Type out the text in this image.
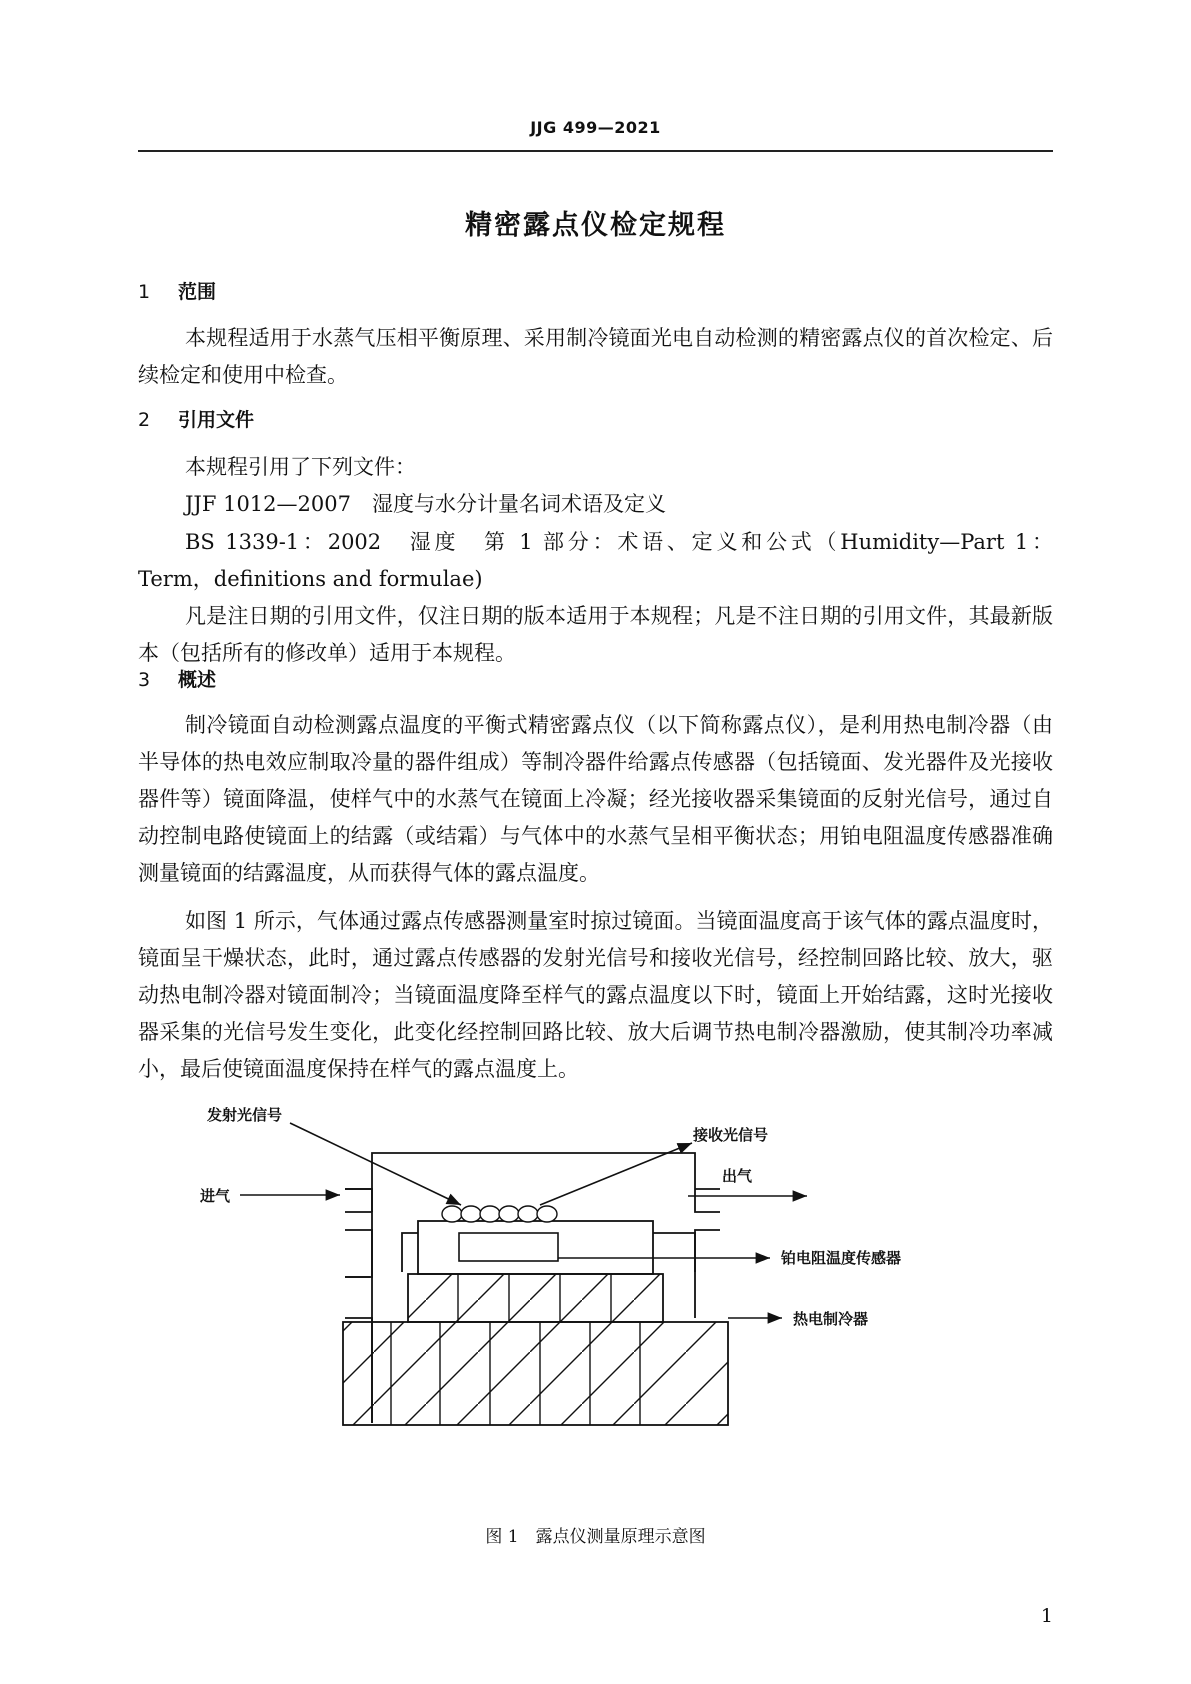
JJG 499—2021
精密露点仪检定规程
1 范围

本规程适用于水蒸气压相平衡原理、采用制冷镜面光电自动检测的精密露点仪的首次检定、后续检定和使用中检查。

2 引用文件
本规程引用了下列文件：
JJF 1012—2007　湿度与水分计量名词术语及定义
BS 1339-1：2002　湿度　第 1 部分：术语、定义和公式（Humidity—Part 1：
Term，definitions and formulae)

凡是注日期的引用文件，仅注日期的版本适用于本规程；凡是不注日期的引用文件，其最新版本（包括所有的修改单）适用于本规程。

3 概述

制冷镜面自动检测露点温度的平衡式精密露点仪（以下简称露点仪），是利用热电制冷器（由半导体的热电效应制取冷量的器件组成）等制冷器件给露点传感器（包括镜面、发光器件及光接收器件等）镜面降温，使样气中的水蒸气在镜面上冷凝；经光接收器采集镜面的反射光信号，通过自动控制电路使镜面上的结露（或结霜）与气体中的水蒸气呈相平衡状态；用铂电阻温度传感器准确测量镜面的结露温度，从而获得气体的露点温度。

如图 1 所示，气体通过露点传感器测量室时掠过镜面。当镜面温度高于该气体的露点温度时，镜面呈干燥状态，此时，通过露点传感器的发射光信号和接收光信号，经控制回路比较、放大，驱动热电制冷器对镜面制冷；当镜面温度降至样气的露点温度以下时，镜面上开始结露，这时光接收器采集的光信号发生变化，此变化经控制回路比较、放大后调节热电制冷器激励，使其制冷功率减小，最后使镜面温度保持在样气的露点温度上。

发射光信号
接收光信号
进气
出气
铂电阻温度传感器
热电制冷器
图 1　露点仪测量原理示意图
1
